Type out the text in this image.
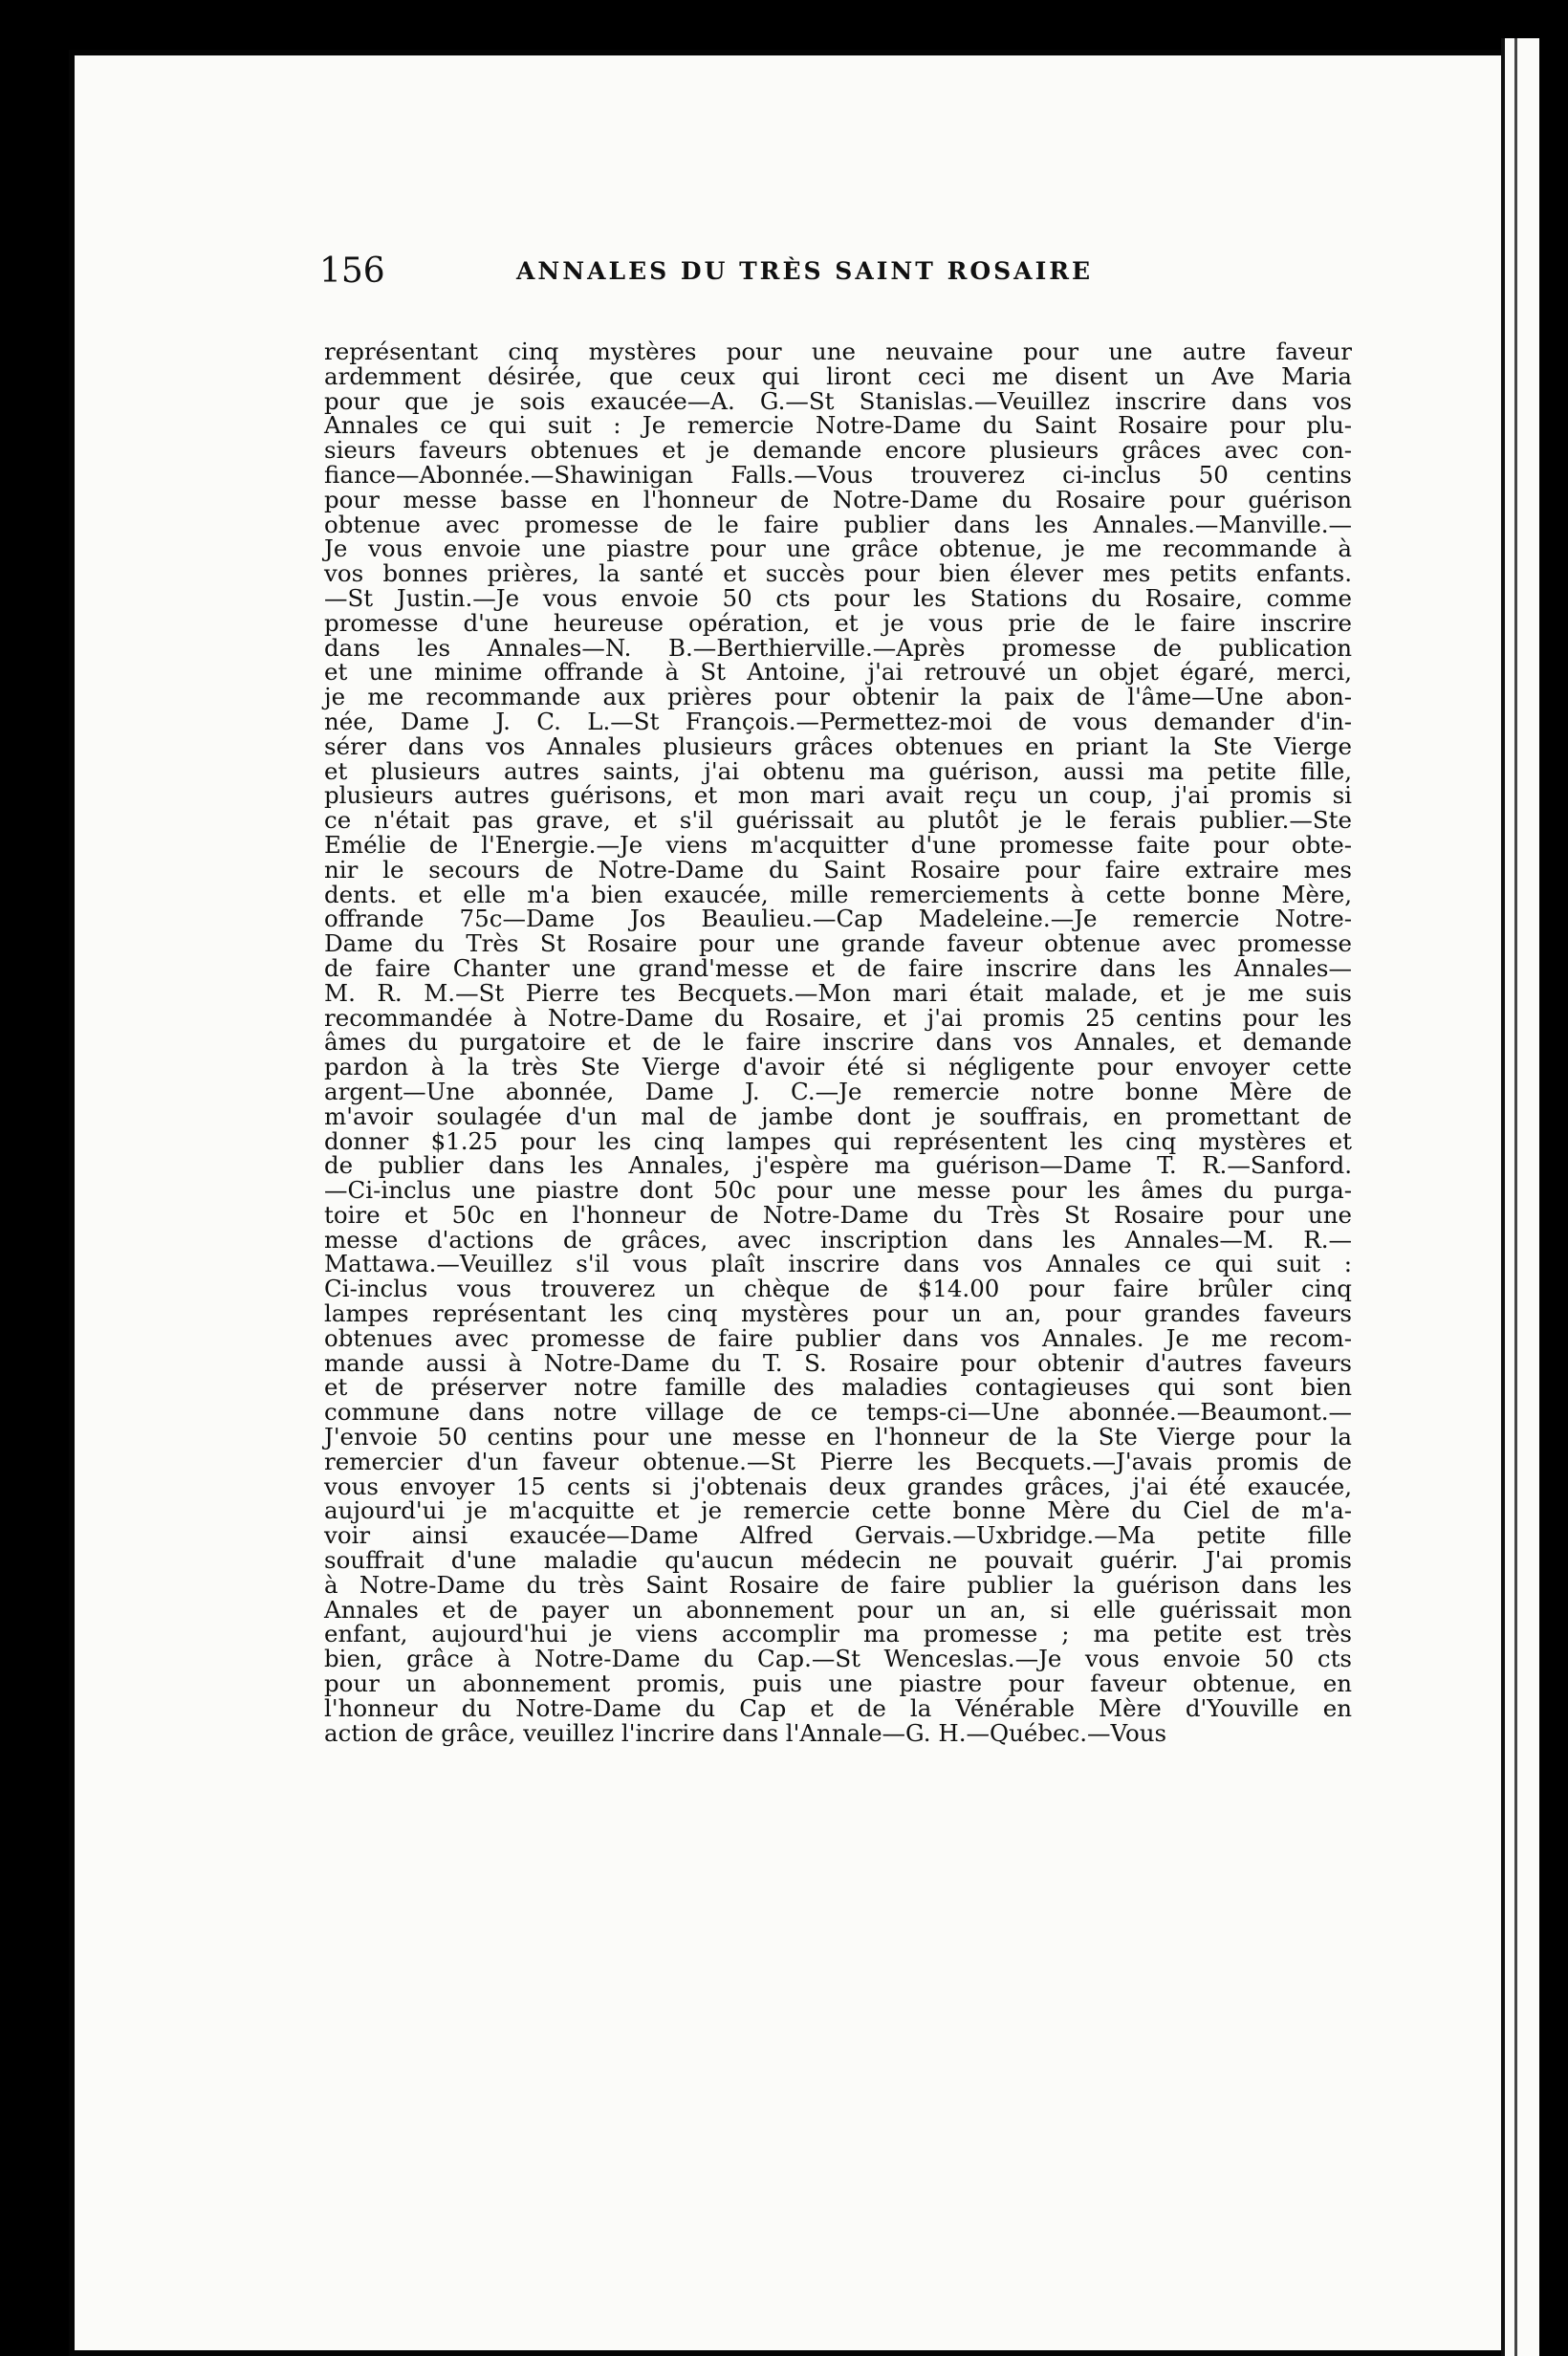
156	ANNALES DU TRÈS SAINT ROSAIRE
représentant cinq mystères pour une neuvaine pour une autre faveur
ardemment désirée, que ceux qui liront ceci me disent un Ave Maria
pour que je sois exaucée—A. G.—St Stanislas.—Veuillez inscrire dans vos
Annales ce qui suit : Je remercie Notre-Dame du Saint Rosaire pour plu-
sieurs faveurs obtenues et je demande encore plusieurs grâces avec con-
fiance—Abonnée.—Shawinigan Falls.—Vous trouverez ci-inclus 50 centins
pour messe basse en l'honneur de Notre-Dame du Rosaire pour guérison
obtenue avec promesse de le faire publier dans les Annales.—Manville.—
Je vous envoie une piastre pour une grâce obtenue, je me recommande à
vos bonnes prières, la santé et succès pour bien élever mes petits enfants.
—St Justin.—Je vous envoie 50 cts pour les Stations du Rosaire, comme
promesse d'une heureuse opération, et je vous prie de le faire inscrire
dans les Annales—N. B.—Berthierville.—Après promesse de publication
et une minime offrande à St Antoine, j'ai retrouvé un objet égaré, merci,
je me recommande aux prières pour obtenir la paix de l'âme—Une abon-
née, Dame J. C. L.—St François.—Permettez-moi de vous demander d'in-
sérer dans vos Annales plusieurs grâces obtenues en priant la Ste Vierge
et plusieurs autres saints, j'ai obtenu ma guérison, aussi ma petite fille,
plusieurs autres guérisons, et mon mari avait reçu un coup, j'ai promis si
ce n'était pas grave, et s'il guérissait au plutôt je le ferais publier.—Ste
Emélie de l'Energie.—Je viens m'acquitter d'une promesse faite pour obte-
nir le secours de Notre-Dame du Saint Rosaire pour faire extraire mes
dents. et elle m'a bien exaucée, mille remerciements à cette bonne Mère,
offrande 75c—Dame Jos Beaulieu.—Cap Madeleine.—Je remercie Notre-
Dame du Très St Rosaire pour une grande faveur obtenue avec promesse
de faire Chanter une grand'messe et de faire inscrire dans les Annales—
M. R. M.—St Pierre tes Becquets.—Mon mari était malade, et je me suis
recommandée à Notre-Dame du Rosaire, et j'ai promis 25 centins pour les
âmes du purgatoire et de le faire inscrire dans vos Annales, et demande
pardon à la très Ste Vierge d'avoir été si négligente pour envoyer cette
argent—Une abonnée, Dame J. C.—Je remercie notre bonne Mère de
m'avoir soulagée d'un mal de jambe dont je souffrais, en promettant de
donner $1.25 pour les cinq lampes qui représentent les cinq mystères et
de publier dans les Annales, j'espère ma guérison—Dame T. R.—Sanford.
—Ci-inclus une piastre dont 50c pour une messe pour les âmes du purga-
toire et 50c en l'honneur de Notre-Dame du Très St Rosaire pour une
messe d'actions de grâces, avec inscription dans les Annales—M. R.—
Mattawa.—Veuillez s'il vous plaît inscrire dans vos Annales ce qui suit :
Ci-inclus vous trouverez un chèque de $14.00 pour faire brûler cinq
lampes représentant les cinq mystères pour un an, pour grandes faveurs
obtenues avec promesse de faire publier dans vos Annales. Je me recom-
mande aussi à Notre-Dame du T. S. Rosaire pour obtenir d'autres faveurs
et de préserver notre famille des maladies contagieuses qui sont bien
commune dans notre village de ce temps-ci—Une abonnée.—Beaumont.—
J'envoie 50 centins pour une messe en l'honneur de la Ste Vierge pour la
remercier d'un faveur obtenue.—St Pierre les Becquets.—J'avais promis de
vous envoyer 15 cents si j'obtenais deux grandes grâces, j'ai été exaucée,
aujourd'ui je m'acquitte et je remercie cette bonne Mère du Ciel de m'a-
voir ainsi exaucée—Dame Alfred Gervais.—Uxbridge.—Ma petite fille
souffrait d'une maladie qu'aucun médecin ne pouvait guérir. J'ai promis
à Notre-Dame du très Saint Rosaire de faire publier la guérison dans les
Annales et de payer un abonnement pour un an, si elle guérissait mon
enfant, aujourd'hui je viens accomplir ma promesse ; ma petite est très
bien, grâce à Notre-Dame du Cap.—St Wenceslas.—Je vous envoie 50 cts
pour un abonnement promis, puis une piastre pour faveur obtenue, en
l'honneur du Notre-Dame du Cap et de la Vénérable Mère d'Youville en
action de grâce, veuillez l'incrire dans l'Annale—G. H.—Québec.—Vous
